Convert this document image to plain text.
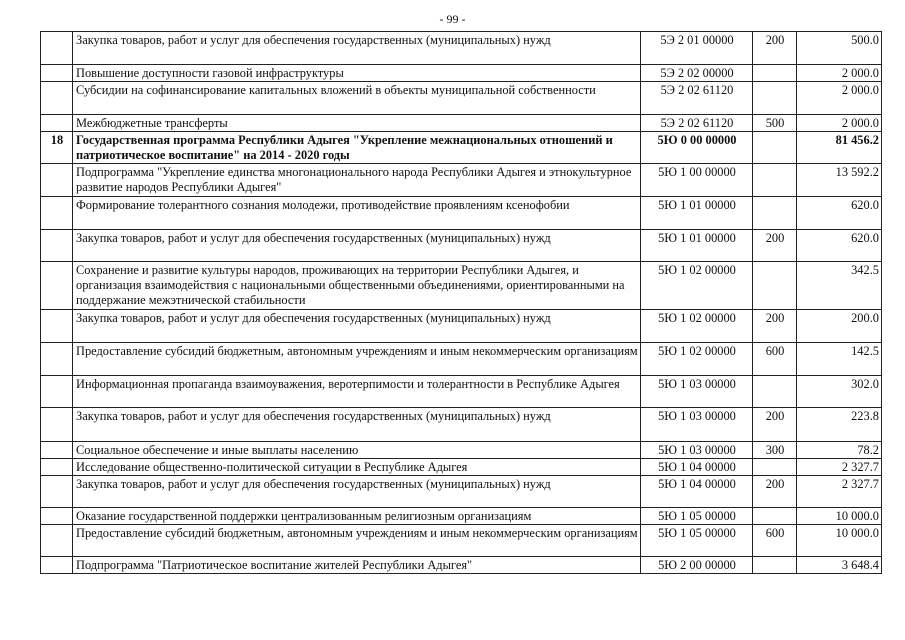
- 99 -
	Закупка товаров, работ и услуг для обеспечения государственных (муниципальных) нужд	5Э 2 01 00000	200	500.0
	Повышение доступности газовой инфраструктуры	5Э 2 02 00000		2 000.0
	Субсидии на софинансирование капитальных вложений в объекты муниципальной собственности	5Э 2 02 61120		2 000.0
	Межбюджетные трансферты	5Э 2 02 61120	500	2 000.0
18	Государственная программа Республики Адыгея "Укрепление межнациональных отношений и патриотическое воспитание" на 2014 - 2020 годы	5Ю 0 00 00000		81 456.2
	Подпрограмма "Укрепление единства многонационального народа Республики Адыгея и этнокультурное развитие народов Республики Адыгея"	5Ю 1 00 00000		13 592.2
	Формирование толерантного сознания молодежи, противодействие проявлениям ксенофобии	5Ю 1 01 00000		620.0
	Закупка товаров, работ и услуг для обеспечения государственных (муниципальных) нужд	5Ю 1 01 00000	200	620.0
	Сохранение и развитие культуры народов, проживающих на территории Республики Адыгея, и организация взаимодействия с национальными общественными объединениями, ориентированными на поддержание межэтнической стабильности	5Ю 1 02 00000		342.5
	Закупка товаров, работ и услуг для обеспечения государственных (муниципальных) нужд	5Ю 1 02 00000	200	200.0
	Предоставление субсидий бюджетным, автономным учреждениям и иным некоммерческим организациям	5Ю 1 02 00000	600	142.5
	Информационная пропаганда взаимоуважения, веротерпимости и толерантности в Республике Адыгея	5Ю 1 03 00000		302.0
	Закупка товаров, работ и услуг для обеспечения государственных (муниципальных) нужд	5Ю 1 03 00000	200	223.8
	Социальное обеспечение и иные выплаты населению	5Ю 1 03 00000	300	78.2
	Исследование общественно-политической ситуации в Республике Адыгея	5Ю 1 04 00000		2 327.7
	Закупка товаров, работ и услуг для обеспечения государственных (муниципальных) нужд	5Ю 1 04 00000	200	2 327.7
	Оказание государственной поддержки централизованным религиозным организациям	5Ю 1 05 00000		10 000.0
	Предоставление субсидий бюджетным, автономным учреждениям и иным некоммерческим организациям	5Ю 1 05 00000	600	10 000.0
	Подпрограмма "Патриотическое воспитание жителей Республики Адыгея"	5Ю 2 00 00000		3 648.4
